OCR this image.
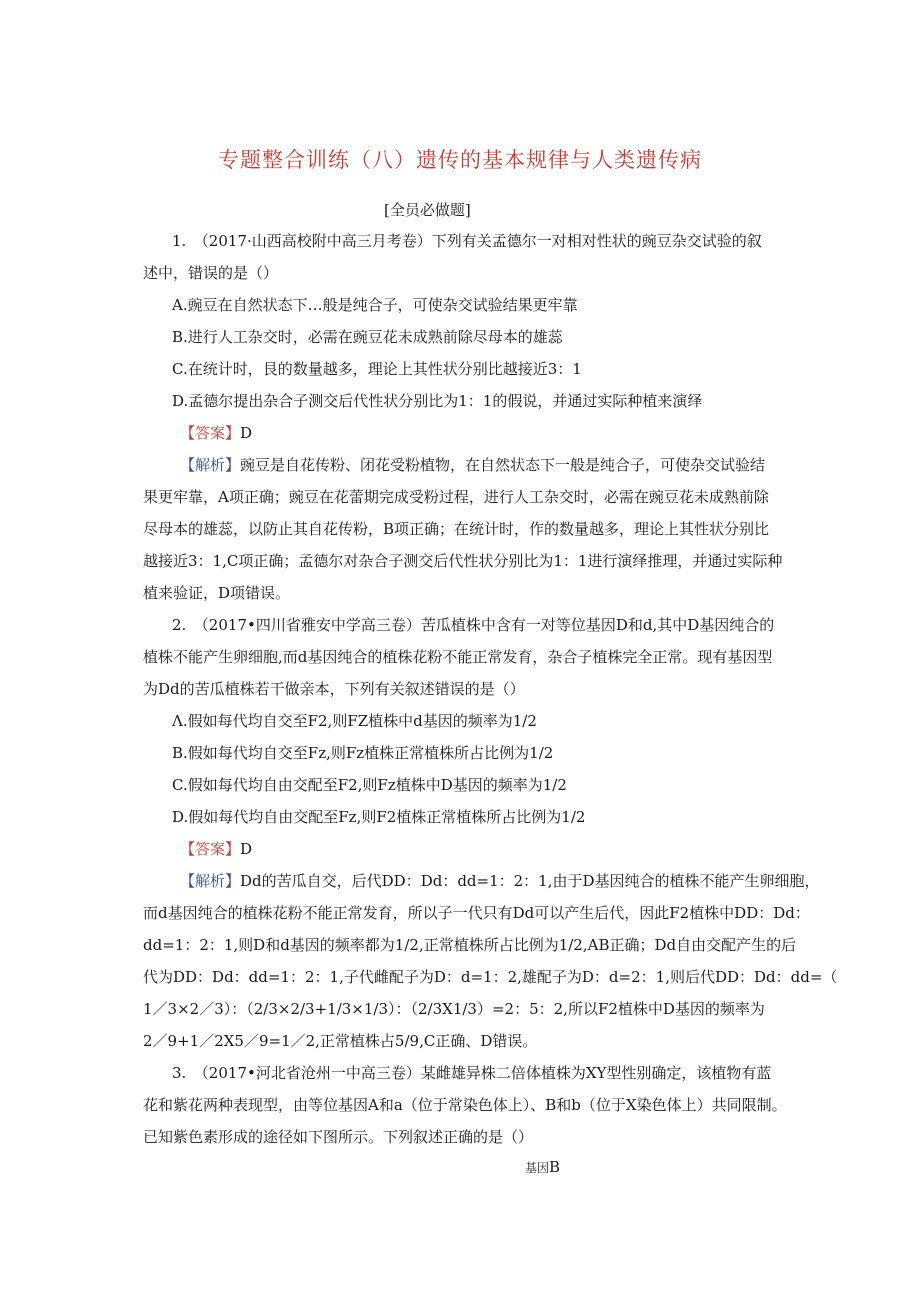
专题整合训练（八）遗传的基本规律与人类遗传病
[全员必做题]
1.　（2017·山西高校附中高三月考卷）下列有关孟德尔一对相对性状的豌豆杂交试验的叙
述中，错误的是（）
A.豌豆在自然状态下…般是纯合子，可使杂交试验结果更牢靠
B.进行人工杂交时，必需在豌豆花未成熟前除尽母本的雄蕊
C.在统计时，艮的数量越多，理论上其性状分别比越接近3：1
D.孟德尔提出杂合子测交后代性状分别比为1：1的假说，并通过实际种植来演绎
【答案】D
【解析】豌豆是自花传粉、闭花受粉植物，在自然状态下一般是纯合子，可使杂交试验结
果更牢靠，A项正确；豌豆在花蕾期完成受粉过程，进行人工杂交时，必需在豌豆花未成熟前除
尽母本的雄蕊，以防止其自花传粉，B项正确；在统计时，作的数量越多，理论上其性状分别比
越接近3：1,C项正确；孟德尔对杂合子测交后代性状分别比为1：1进行演绎推理，并通过实际种
植来验证，D项错误。
2.　（2017•四川省雅安中学高三卷）苦瓜植株中含有一对等位基因D和d,其中D基因纯合的
植株不能产生卵细胞,而d基因纯合的植株花粉不能正常发育，杂合子植株完全正常。现有基因型
为Dd的苦瓜植株若干做亲本，下列有关叙述错误的是（）
Λ.假如每代均自交至F2,则FZ植株中d基因的频率为1/2
B.假如每代均自交至Fz,则Fz植株正常植株所占比例为1/2
C.假如每代均自由交配至F2,则Fz植株中D基因的频率为1/2
D.假如每代均自由交配至Fz,则F2植株正常植株所占比例为1/2
【答案】D
【解析】Dd的苦瓜自交，后代DD：Dd：dd=1：2：1,由于D基因纯合的植株不能产生卵细胞，
而d基因纯合的植株花粉不能正常发育，所以子一代只有Dd可以产生后代，因此F2植株中DD：Dd：
dd=1：2：1,则D和d基因的频率都为1/2,正常植株所占比例为1/2,AB正确；Dd自由交配产生的后
代为DD：Dd：dd=1：2：1,子代雌配子为D：d=1：2,雄配子为D：d=2：1,则后代DD：Dd：dd=（
1／3×2／3）：（2/3×2/3+1/3×1/3）：（2/3X1/3）=2：5：2,所以F2植株中D基因的频率为
2／9+1／2X5／9=1／2,正常植株占5/9,C正确、D错误。
3.　（2017•河北省沧州一中高三卷）某雌雄异株二倍体植株为XY型性别确定，该植物有蓝
花和紫花两种表现型，由等位基因A和a（位于常染色体上）、B和b（位于X染色体上）共同限制。
已知紫色素形成的途径如下图所示。下列叙述正确的是（）
基因B
